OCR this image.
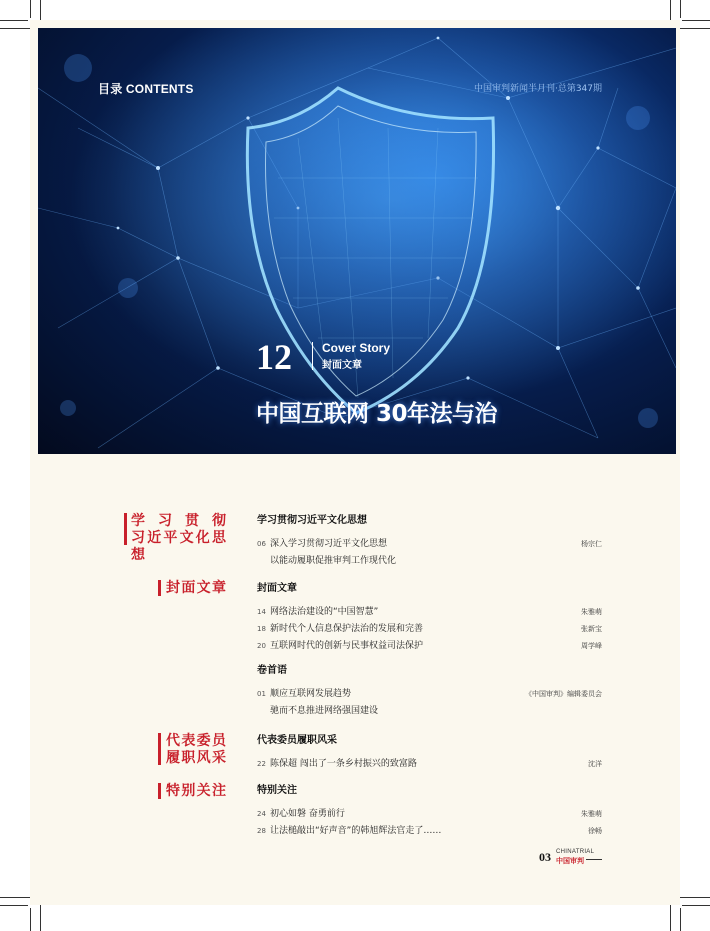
目录 CONTENTS	中国审判新闻半月刊·总第347期
12	Cover Story
封面文章
中国互联网 30年法与治
学 习 贯 彻
习近平文化思想
学习贯彻习近平文化思想
06 深入学习贯彻习近平文化思想	杨宗仁
以能动履职促推审判工作现代化
封面文章	封面文章
14 网络法治建设的“中国智慧”	朱雅萌
18 新时代个人信息保护法治的发展和完善	张新宝
20 互联网时代的创新与民事权益司法保护	周学峰
卷首语
01 顺应互联网发展趋势	《中国审判》编辑委员会
驰而不息推进网络强国建设
代表委员
履职风采
代表委员履职风采
22 陈保超 闯出了一条乡村振兴的致富路	沈洋
特别关注	特别关注
24 初心如磐 奋勇前行	朱雅萌
28 让法槌敲出“好声音”的韩旭辉法官走了……	徐畅
03 CHINATRIAL
中国审判
